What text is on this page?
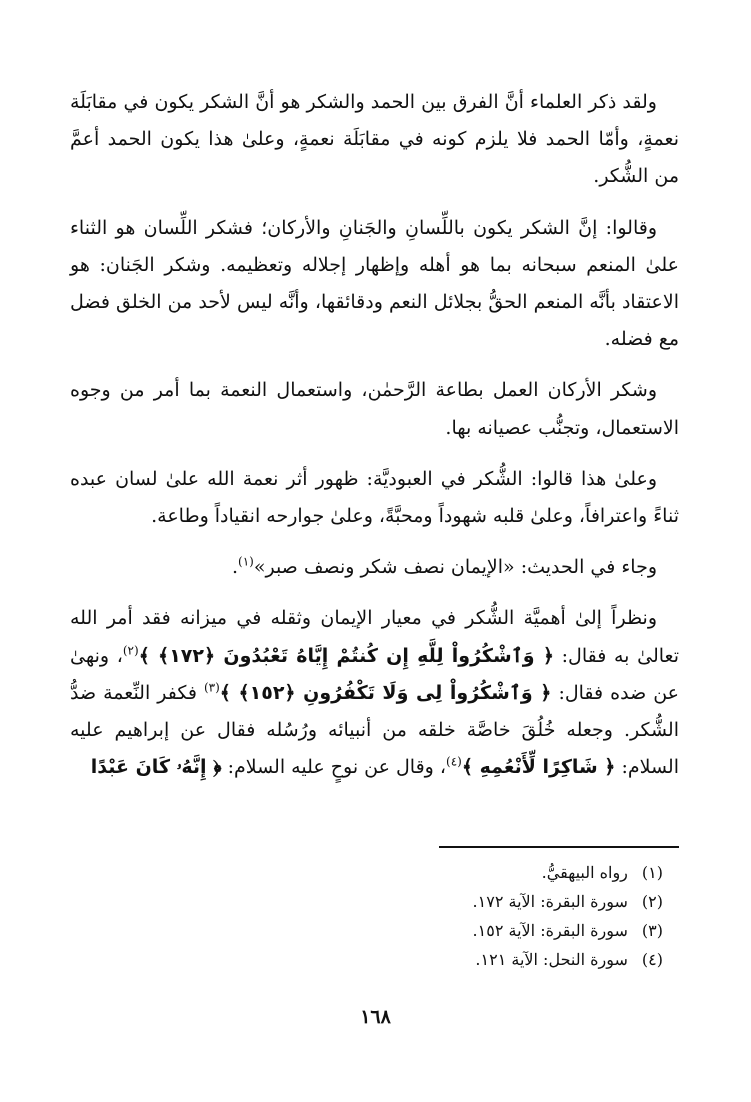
ولقد ذكر العلماء أنَّ الفرق بين الحمد والشكر هو أنَّ الشكر يكون في مقابَلَة نعمةٍ، وأمّا الحمد فلا يلزم كونه في مقابَلَة نعمةٍ، وعلىٰ هذا يكون الحمد أعمَّ من الشُّكر.

وقالوا: إنَّ الشكر يكون باللِّسانِ والجَنانِ والأركان؛ فشكر اللِّسان هو الثناء علىٰ المنعم سبحانه بما هو أهله وإظهار إجلاله وتعظيمه. وشكر الجَنان: هو الاعتقاد بأنَّه المنعم الحقُّ بجلائل النعم ودقائقها، وأنَّه ليس لأحد من الخلق فضل مع فضله.

وشكر الأركان العمل بطاعة الرَّحمٰن، واستعمال النعمة بما أمر من وجوه الاستعمال، وتجنُّب عصيانه بها.

وعلىٰ هذا قالوا: الشُّكر في العبوديَّة: ظهور أثر نعمة الله علىٰ لسان عبده ثناءً واعترافاً، وعلىٰ قلبه شهوداً ومحبَّةً، وعلىٰ جوارحه انقياداً وطاعة.

وجاء في الحديث: «الإيمان نصف شكر ونصف صبر»$^{(١)}$.

ونظراً إلىٰ أهميَّة الشُّكر في معيار الإيمان وثقله في ميزانه فقد أمر الله تعالىٰ به فقال: ﴿ وَٱشْكُرُواْ لِلَّهِ إِن كُنتُمْ إِيَّاهُ تَعْبُدُونَ ﴿١٧٢﴾ ﴾$^{(٢)}$، ونهىٰ عن ضده فقال: ﴿ وَٱشْكُرُواْ لِى وَلَا تَكْفُرُونِ ﴿١٥٢﴾ ﴾$^{(٣)}$ فكفر النِّعمة ضدُّ الشُّكر. وجعله خُلُقَ خاصَّة خلقه من أنبيائه ورُسُله فقال عن إبراهيم عليه السلام: ﴿ شَاكِرًا لِّأَنْعُمِهِ ﴾$^{(٤)}$، وقال عن نوحٍ عليه السلام: ﴿ إِنَّهُۥ كَانَ عَبْدًا

(١) رواه البيهقيُّ.

(٢) سورة البقرة: الآية ١٧٢.

(٣) سورة البقرة: الآية ١٥٢.

(٤) سورة النحل: الآية ١٢١.

١٦٨
